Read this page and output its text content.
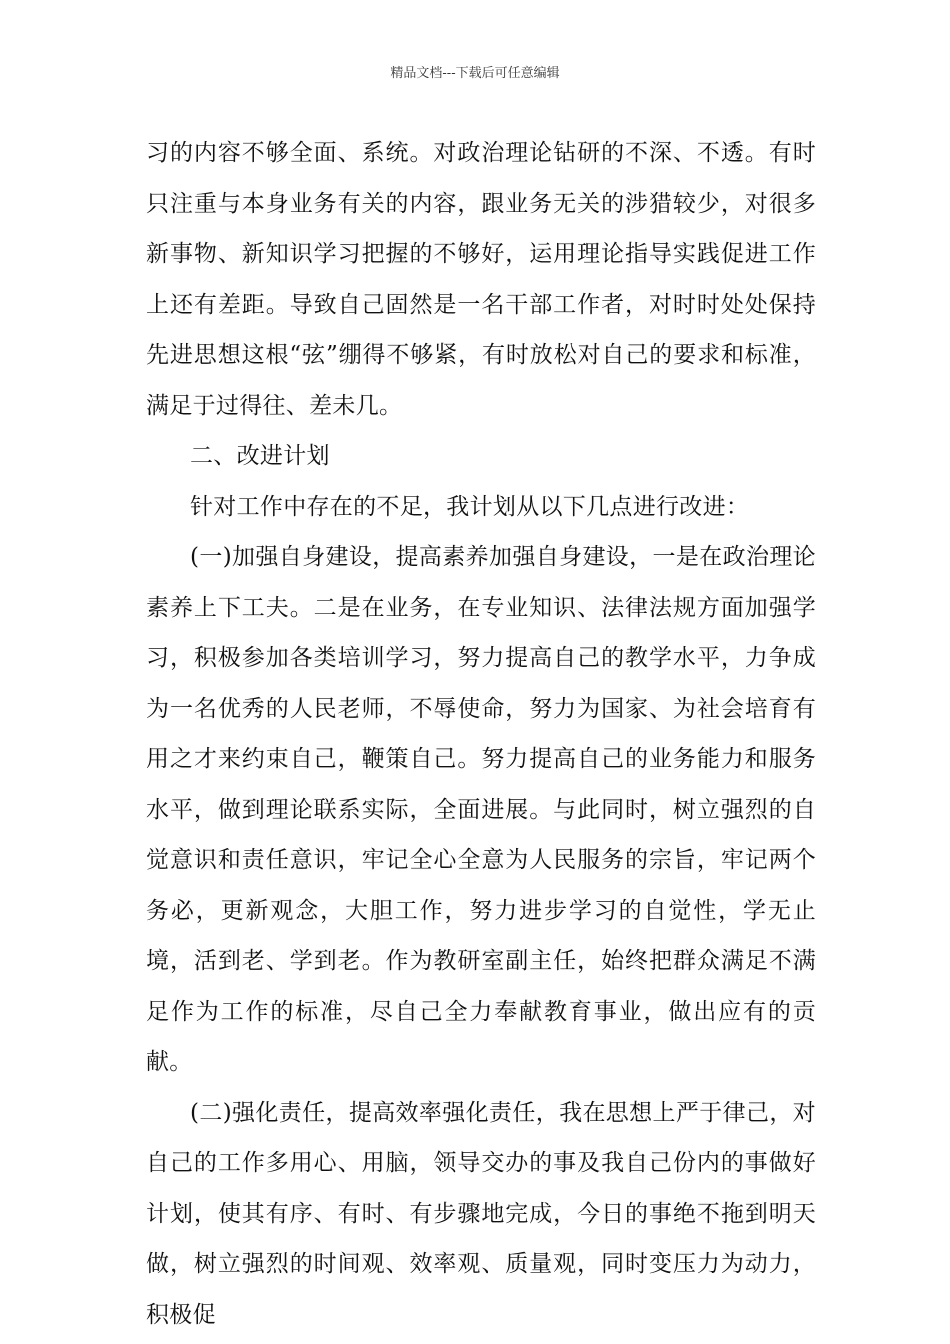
精品文档---下载后可任意编辑

习的内容不够全面、系统。对政治理论钻研的不深、不透。有时只注重与本身业务有关的内容，跟业务无关的涉猎较少，对很多新事物、新知识学习把握的不够好，运用理论指导实践促进工作上还有差距。导致自己固然是一名干部工作者，对时时处处保持先进思想这根“弦”绷得不够紧，有时放松对自己的要求和标准，满足于过得往、差未几。

二、改进计划

针对工作中存在的不足，我计划从以下几点进行改进：

(一)加强自身建设，提高素养加强自身建设，一是在政治理论素养上下工夫。二是在业务，在专业知识、法律法规方面加强学习，积极参加各类培训学习，努力提高自己的教学水平，力争成为一名优秀的人民老师，不辱使命，努力为国家、为社会培育有用之才来约束自己，鞭策自己。努力提高自己的业务能力和服务水平，做到理论联系实际，全面进展。与此同时，树立强烈的自觉意识和责任意识，牢记全心全意为人民服务的宗旨，牢记两个务必，更新观念，大胆工作，努力进步学习的自觉性，学无止境，活到老、学到老。作为教研室副主任，始终把群众满足不满足作为工作的标准，尽自己全力奉献教育事业，做出应有的贡献。

(二)强化责任，提高效率强化责任，我在思想上严于律己，对自己的工作多用心、用脑，领导交办的事及我自己份内的事做好计划，使其有序、有时、有步骤地完成，今日的事绝不拖到明天做，树立强烈的时间观、效率观、质量观，同时变压力为动力，积极促
